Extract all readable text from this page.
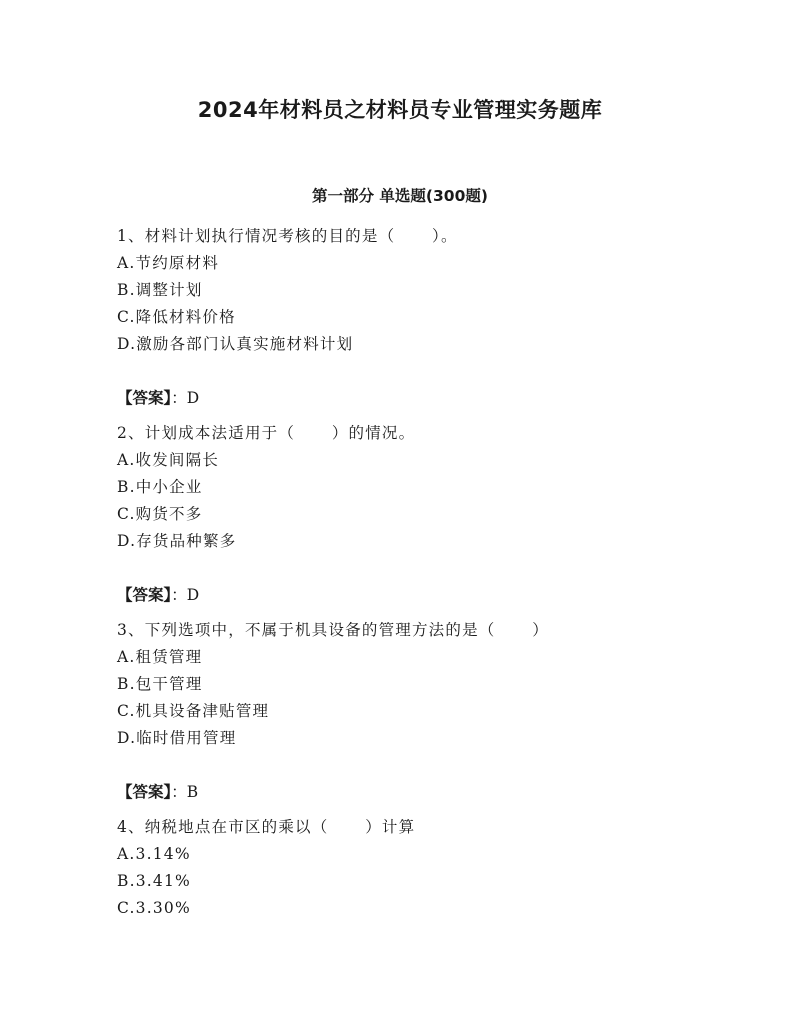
2024年材料员之材料员专业管理实务题库
第一部分 单选题(300题)
1、材料计划执行情况考核的目的是（      ）。
A.节约原材料
B.调整计划
C.降低材料价格
D.激励各部门认真实施材料计划
【答案】：D
2、计划成本法适用于（      ）的情况。
A.收发间隔长
B.中小企业
C.购货不多
D.存货品种繁多
【答案】：D
3、下列选项中，不属于机具设备的管理方法的是（      ）
A.租赁管理
B.包干管理
C.机具设备津贴管理
D.临时借用管理
【答案】：B
4、纳税地点在市区的乘以（      ）计算
A.3.14%
B.3.41%
C.3.30%
